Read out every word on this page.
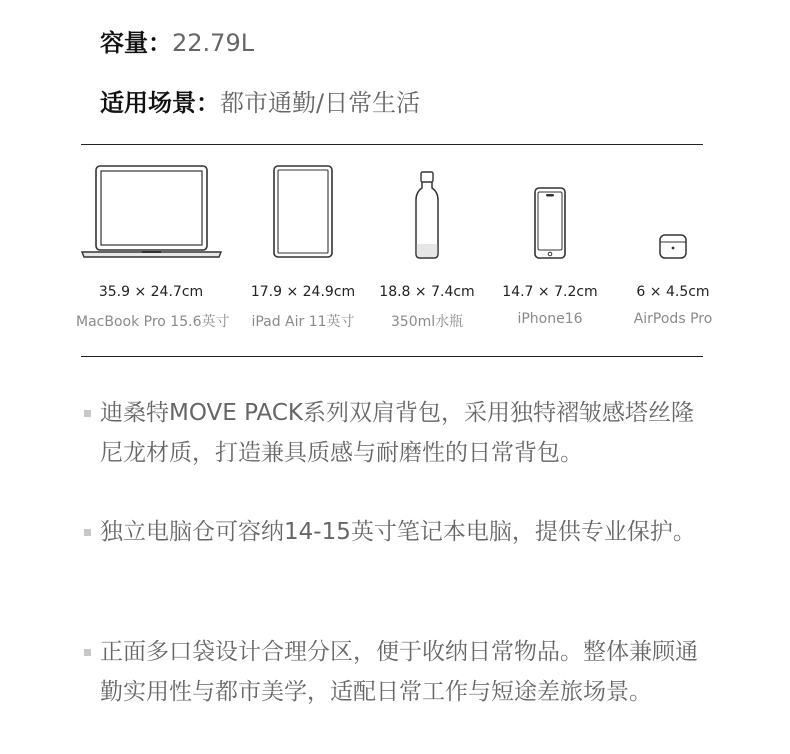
容量：22.79L
适用场景：都市通勤/日常生活
35.9 × 24.7cm
MacBook Pro 15.6英寸
17.9 × 24.9cm
iPad Air 11英寸
18.8 × 7.4cm
350ml水瓶
14.7 × 7.2cm
iPhone16
6 × 4.5cm
AirPods Pro
迪桑特MOVE PACK系列双肩背包，采用独特褶皱感塔丝隆尼龙材质，打造兼具质感与耐磨性的日常背包。
独立电脑仓可容纳14-15英寸笔记本电脑，提供专业保护。
正面多口袋设计合理分区，便于收纳日常物品。整体兼顾通勤实用性与都市美学，适配日常工作与短途差旅场景。
